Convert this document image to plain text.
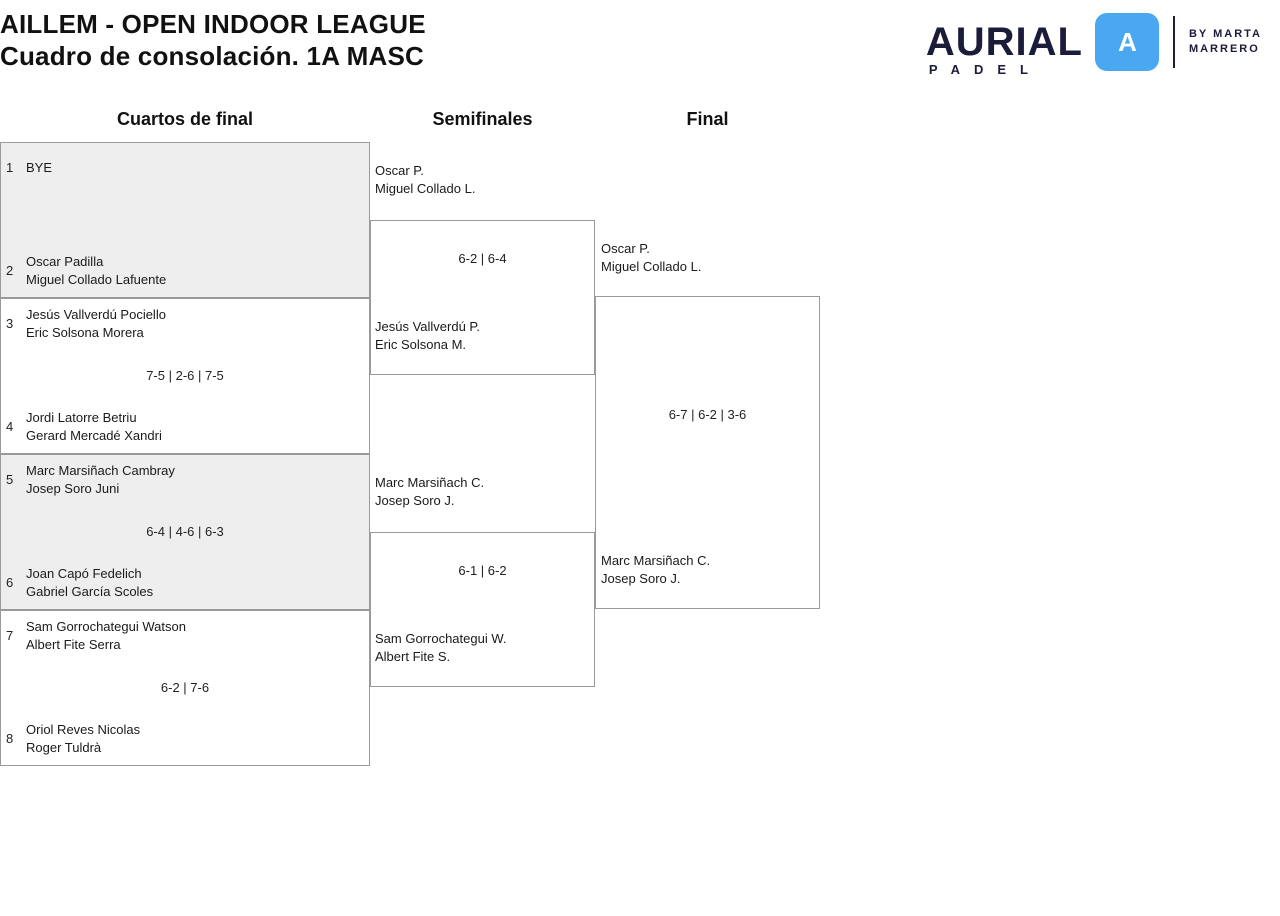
AILLEM - OPEN INDOOR LEAGUE
Cuadro de consolación. 1A MASC	AURIAL
PADEL
A	BY MARTA
MARRERO
Cuartos de final	Semifinales	Final
1 BYE
2
Oscar Padilla
Miguel Collado Lafuente
3
Jesús Vallverdú Pociello
Eric Solsona Morera
4
Jordi Latorre Betriu
Gerard Mercadé Xandri
7-5 | 2-6 | 7-5
5
Marc Marsiñach Cambray
Josep Soro Juni
6
Joan Capó Fedelich
Gabriel García Scoles
6-4 | 4-6 | 6-3
7
Sam Gorrochategui Watson
Albert Fite Serra
8
Oriol Reves Nicolas
Roger Tuldrà
6-2 | 7-6
Oscar P.
Miguel Collado L.
Jesús Vallverdú P.
Eric Solsona M.
6-2 | 6-4
Marc Marsiñach C.
Josep Soro J.
Sam Gorrochategui W.
Albert Fite S.
6-1 | 6-2
Oscar P.
Miguel Collado L.
Marc Marsiñach C.
Josep Soro J.
6-7 | 6-2 | 3-6
